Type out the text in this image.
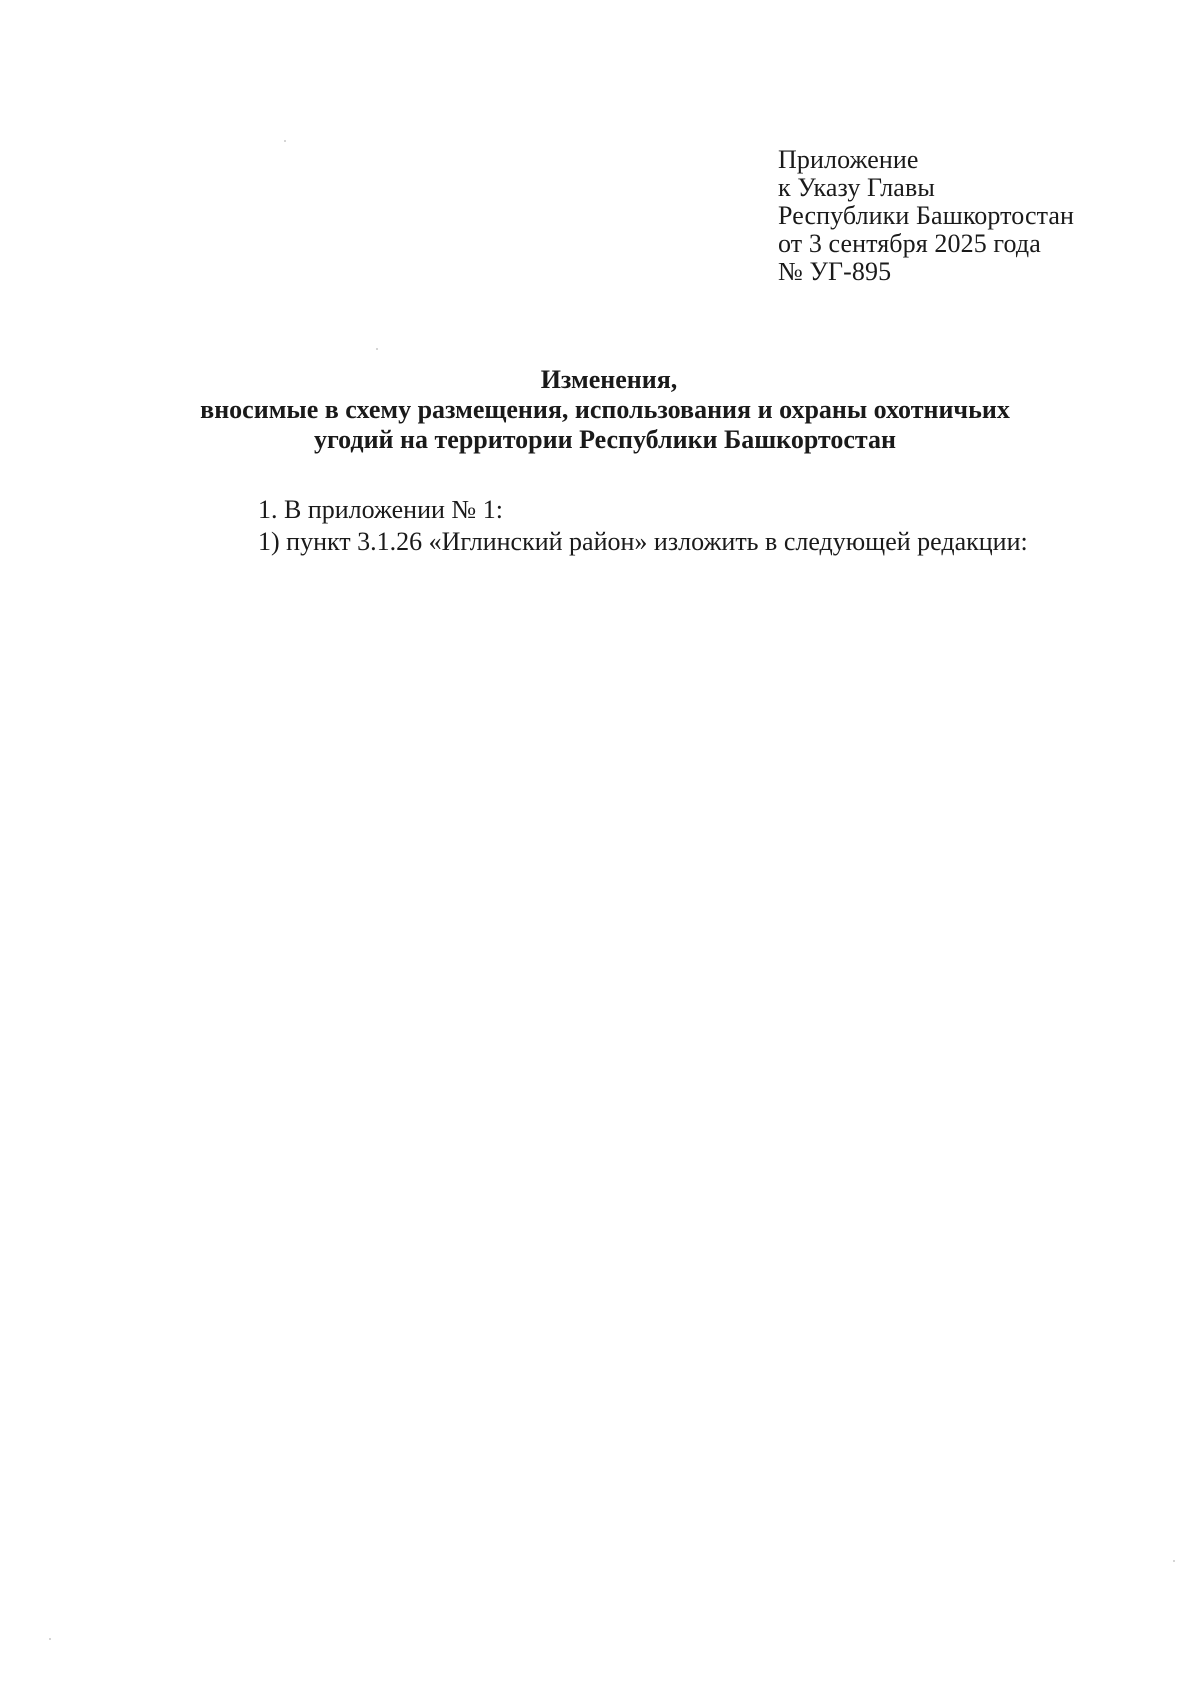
Приложение
к Указу Главы
Республики Башкортостан
от 3 сентября 2025 года
№ УГ-895
Изменения,
вносимые в схему размещения, использования и охраны охотничьих
угодий на территории Республики Башкортостан
1. В приложении № 1:
1) пункт 3.1.26 «Иглинский район» изложить в следующей редакции:
